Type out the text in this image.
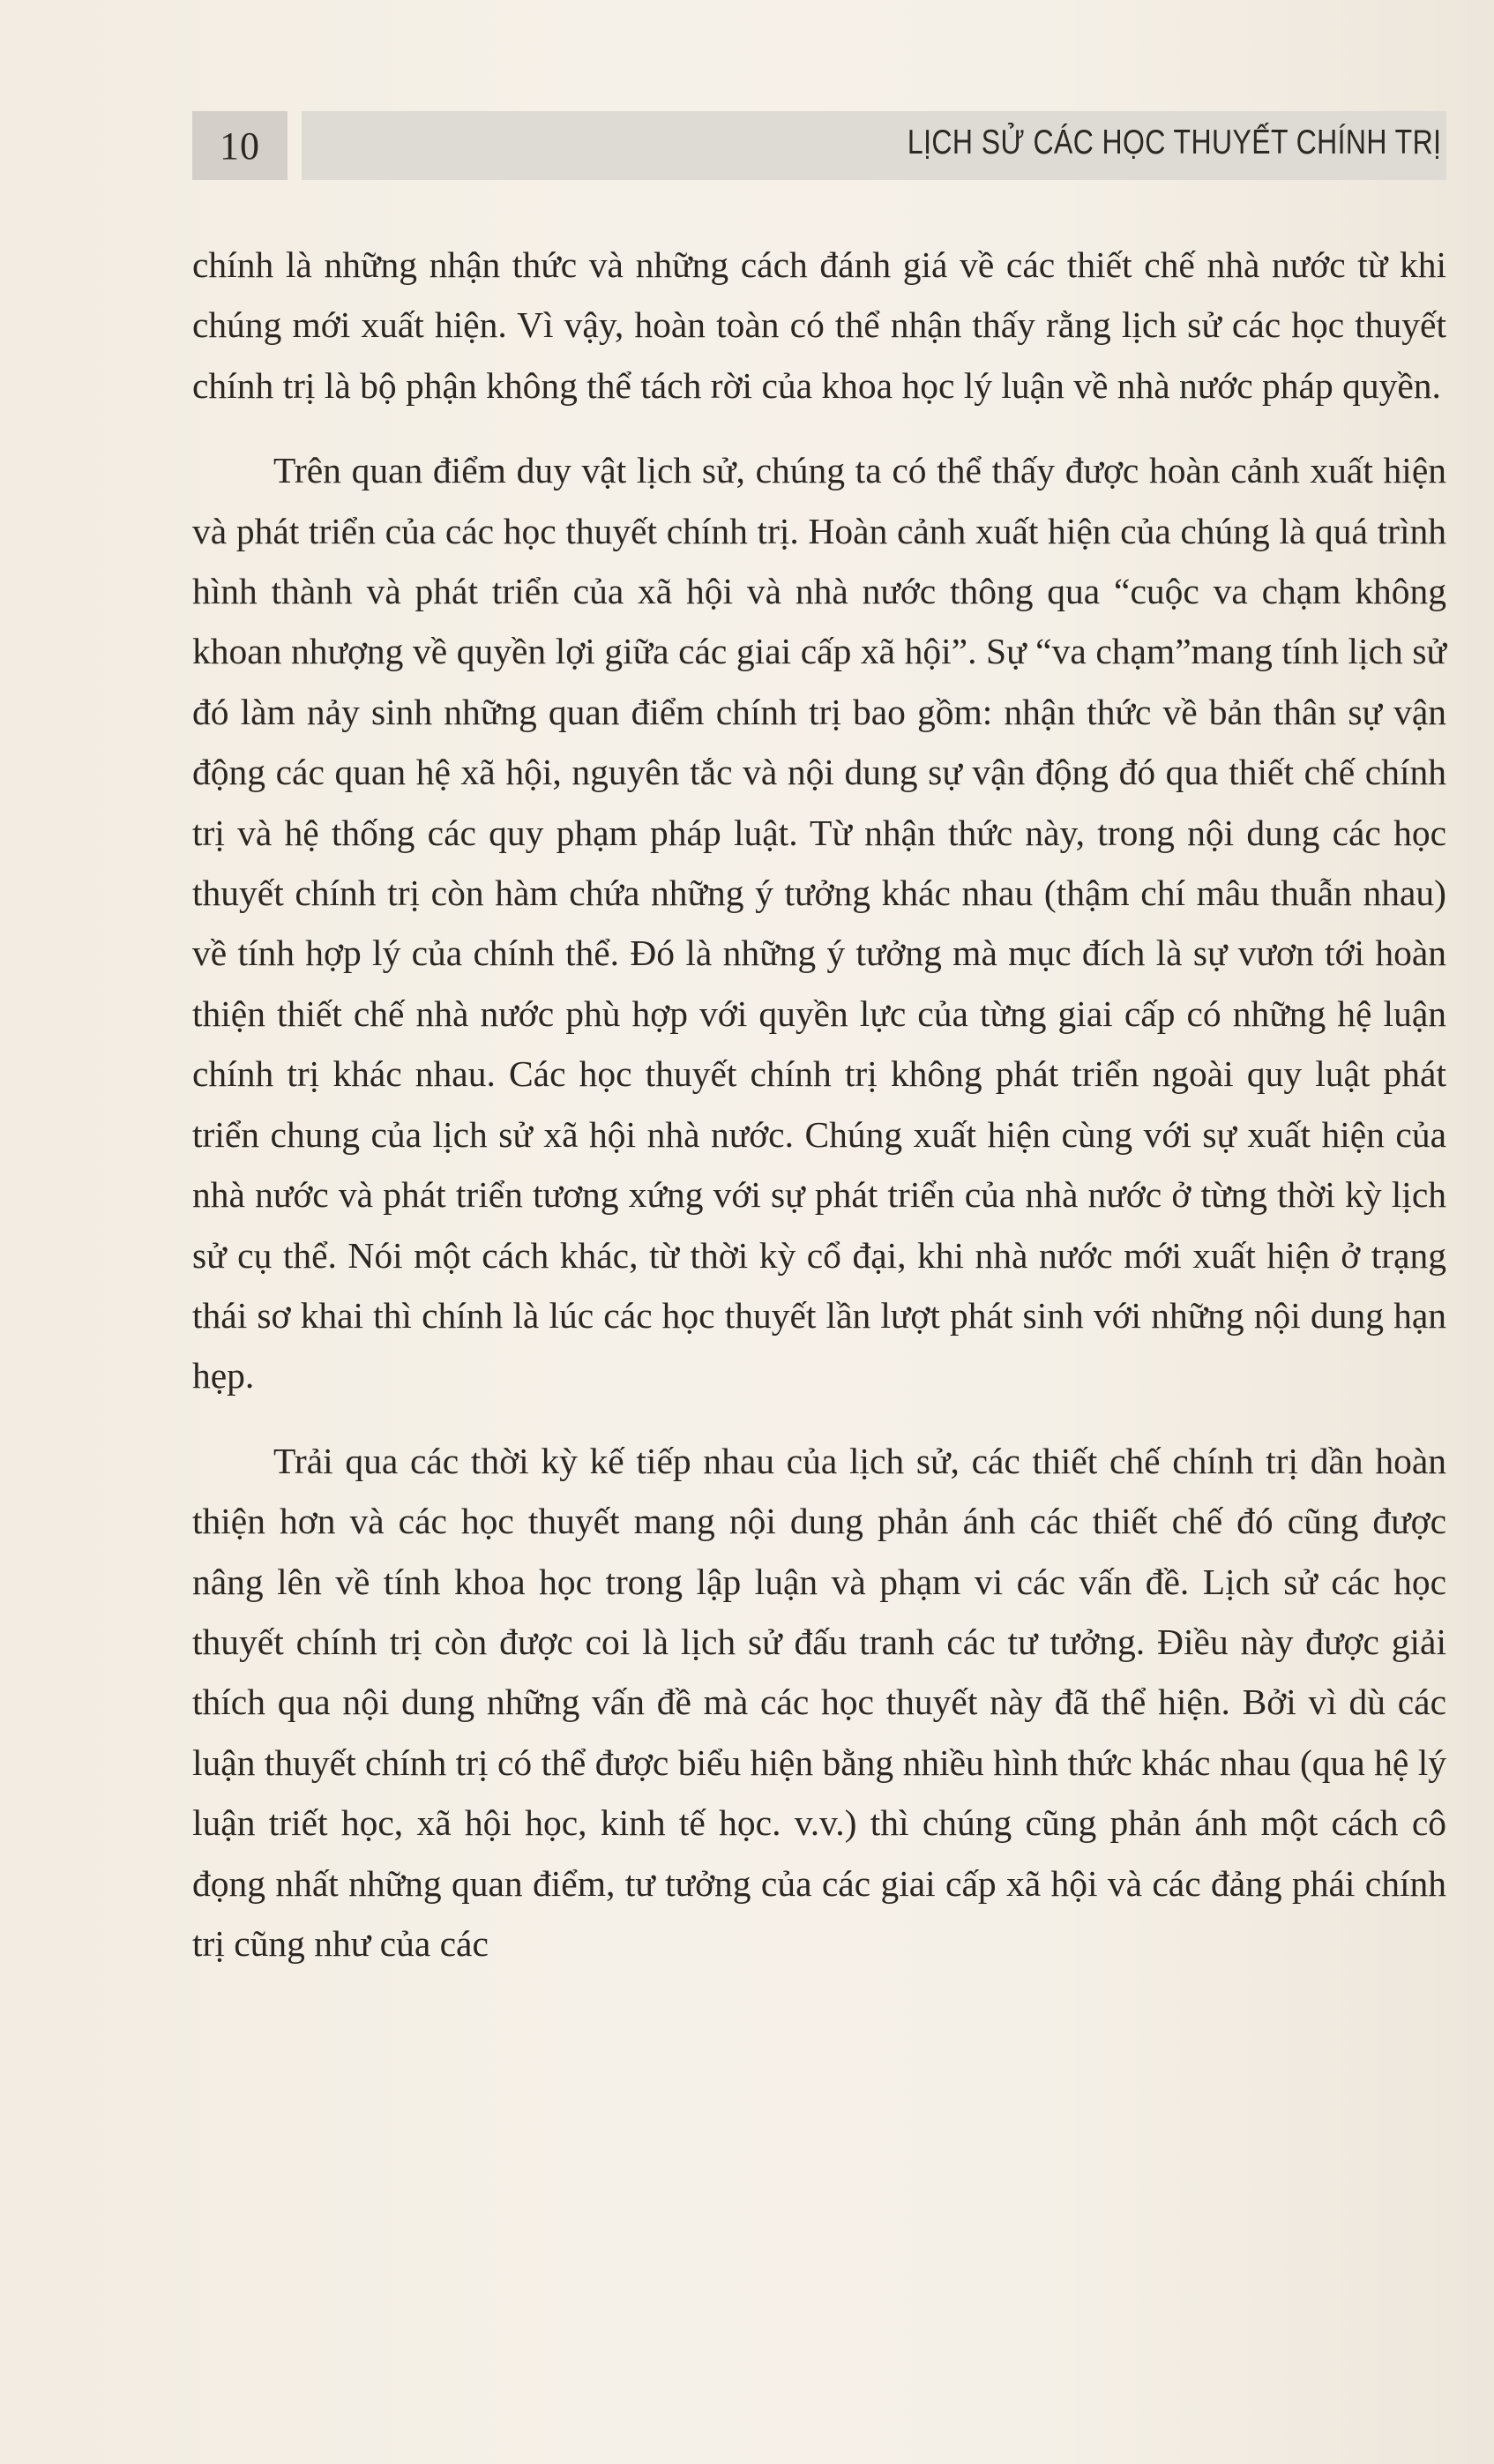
10	LỊCH SỬ CÁC HỌC THUYẾT CHÍNH TRỊ

chính là những nhận thức và những cách đánh giá về các thiết chế nhà nước từ khi chúng mới xuất hiện. Vì vậy, hoàn toàn có thể nhận thấy rằng lịch sử các học thuyết chính trị là bộ phận không thể tách rời của khoa học lý luận về nhà nước pháp quyền.

Trên quan điểm duy vật lịch sử, chúng ta có thể thấy được hoàn cảnh xuất hiện và phát triển của các học thuyết chính trị. Hoàn cảnh xuất hiện của chúng là quá trình hình thành và phát triển của xã hội và nhà nước thông qua “cuộc va chạm không khoan nhượng về quyền lợi giữa các giai cấp xã hội”. Sự “va chạm”mang tính lịch sử đó làm nảy sinh những quan điểm chính trị bao gồm: nhận thức về bản thân sự vận động các quan hệ xã hội, nguyên tắc và nội dung sự vận động đó qua thiết chế chính trị và hệ thống các quy phạm pháp luật. Từ nhận thức này, trong nội dung các học thuyết chính trị còn hàm chứa những ý tưởng khác nhau (thậm chí mâu thuẫn nhau) về tính hợp lý của chính thể. Đó là những ý tưởng mà mục đích là sự vươn tới hoàn thiện thiết chế nhà nước phù hợp với quyền lực của từng giai cấp có những hệ luận chính trị khác nhau. Các học thuyết chính trị không phát triển ngoài quy luật phát triển chung của lịch sử xã hội nhà nước. Chúng xuất hiện cùng với sự xuất hiện của nhà nước và phát triển tương xứng với sự phát triển của nhà nước ở từng thời kỳ lịch sử cụ thể. Nói một cách khác, từ thời kỳ cổ đại, khi nhà nước mới xuất hiện ở trạng thái sơ khai thì chính là lúc các học thuyết lần lượt phát sinh với những nội dung hạn hẹp.

Trải qua các thời kỳ kế tiếp nhau của lịch sử, các thiết chế chính trị dần hoàn thiện hơn và các học thuyết mang nội dung phản ánh các thiết chế đó cũng được nâng lên về tính khoa học trong lập luận và phạm vi các vấn đề. Lịch sử các học thuyết chính trị còn được coi là lịch sử đấu tranh các tư tưởng. Điều này được giải thích qua nội dung những vấn đề mà các học thuyết này đã thể hiện. Bởi vì dù các luận thuyết chính trị có thể được biểu hiện bằng nhiều hình thức khác nhau (qua hệ lý luận triết học, xã hội học, kinh tế học. v.v.) thì chúng cũng phản ánh một cách cô đọng nhất những quan điểm, tư tưởng của các giai cấp xã hội và các đảng phái chính trị cũng như của các
